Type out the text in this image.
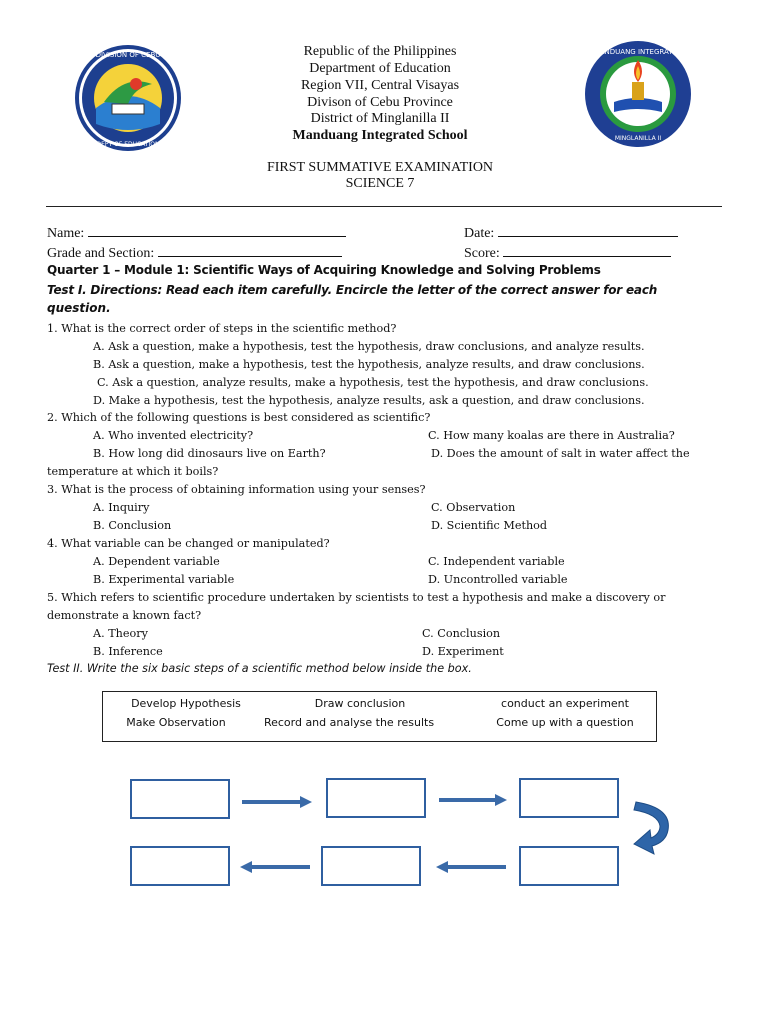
DIVISION OF CEBU
DEPT OF EDUCATION
MANDUANG INTEGRATED
MINGLANILLA II
Republic of the Philippines
Department of Education
Region VII, Central Visayas
Divison of Cebu Province
District of Minglanilla II
Manduang Integrated School
FIRST SUMMATIVE EXAMINATION
SCIENCE 7
Name:	Date:
Grade and Section:	Score:
Quarter 1 – Module 1: Scientific Ways of Acquiring Knowledge and Solving Problems
Test I. Directions: Read each item carefully. Encircle the letter of the correct answer for each
question.
1. What is the correct order of steps in the scientific method?
A. Ask a question, make a hypothesis, test the hypothesis, draw conclusions, and analyze results.
B. Ask a question, make a hypothesis, test the hypothesis, analyze results, and draw conclusions.
C. Ask a question, analyze results, make a hypothesis, test the hypothesis, and draw conclusions.
D. Make a hypothesis, test the hypothesis, analyze results, ask a question, and draw conclusions.
2. Which of the following questions is best considered as scientific?
A. Who invented electricity?	C. How many koalas are there in Australia?
B. How long did dinosaurs live on Earth?	D. Does the amount of salt in water affect the
temperature at which it boils?
3. What is the process of obtaining information using your senses?
A. Inquiry	C. Observation
B. Conclusion	D. Scientific Method
4. What variable can be changed or manipulated?
A. Dependent variable	C. Independent variable
B. Experimental variable	D. Uncontrolled variable
5. Which refers to scientific procedure undertaken by scientists to test a hypothesis and make a discovery or
demonstrate a known fact?
A. Theory	C. Conclusion
B. Inference	D. Experiment
Test II. Write the six basic steps of a scientific method below inside the box.
Develop Hypothesis	Draw conclusion	conduct an experiment
Make Observation	Record and analyse the results	Come up with a question
